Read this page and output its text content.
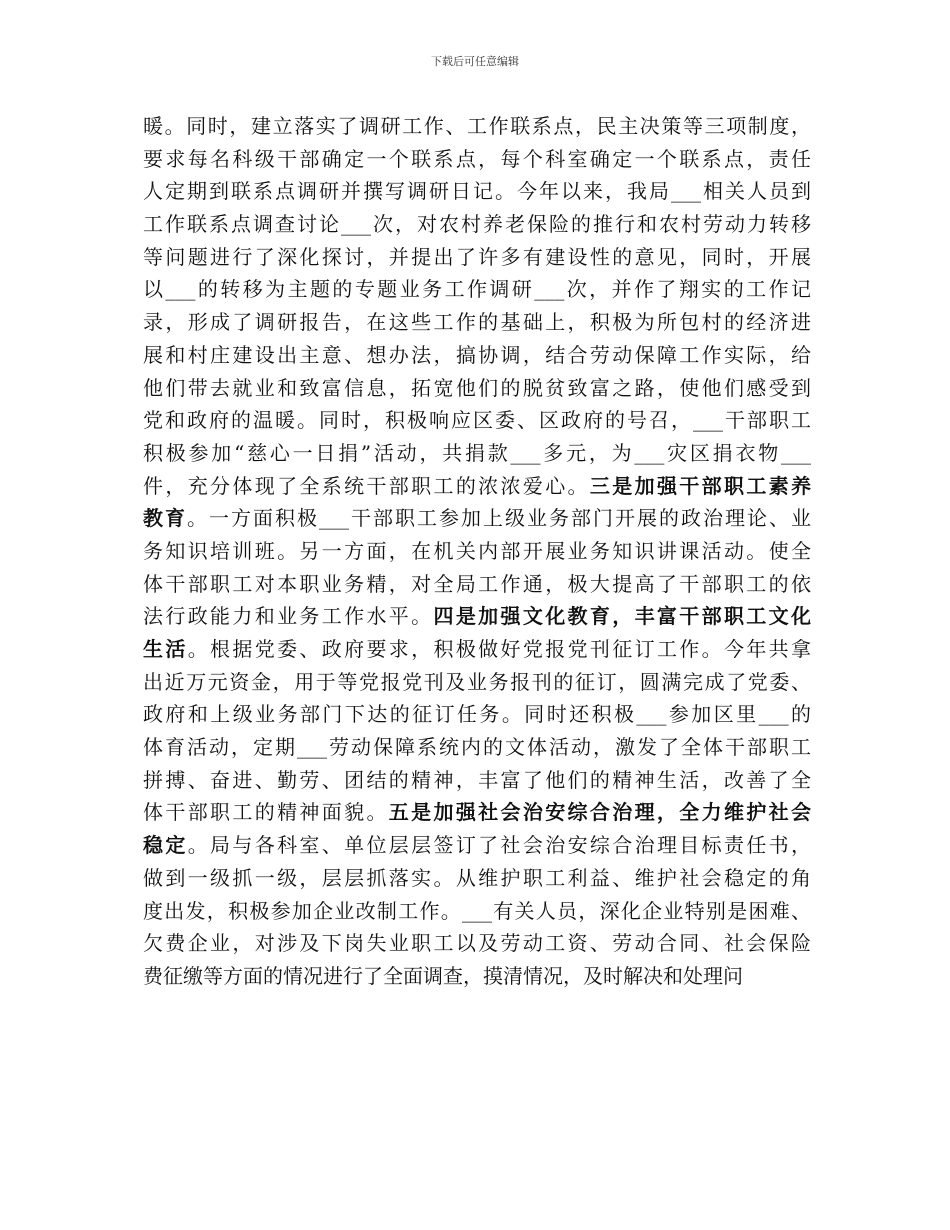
下载后可任意编辑
暖。同时，建立落实了调研工作、工作联系点，民主决策等三项制度，
要求每名科级干部确定一个联系点，每个科室确定一个联系点，责任
人定期到联系点调研并撰写调研日记。今年以来，我局___相关人员到
工作联系点调查讨论___次，对农村养老保险的推行和农村劳动力转移
等问题进行了深化探讨，并提出了许多有建设性的意见，同时，开展
以___的转移为主题的专题业务工作调研___次，并作了翔实的工作记
录，形成了调研报告，在这些工作的基础上，积极为所包村的经济进
展和村庄建设出主意、想办法，搞协调，结合劳动保障工作实际，给
他们带去就业和致富信息，拓宽他们的脱贫致富之路，使他们感受到
党和政府的温暖。同时，积极响应区委、区政府的号召，___干部职工
积极参加“慈心一日捐”活动，共捐款___多元，为___灾区捐衣物___
件，充分体现了全系统干部职工的浓浓爱心。三是加强干部职工素养
教育。一方面积极___干部职工参加上级业务部门开展的政治理论、业
务知识培训班。另一方面，在机关内部开展业务知识讲课活动。使全
体干部职工对本职业务精，对全局工作通，极大提高了干部职工的依
法行政能力和业务工作水平。四是加强文化教育，丰富干部职工文化
生活。根据党委、政府要求，积极做好党报党刊征订工作。今年共拿
出近万元资金，用于等党报党刊及业务报刊的征订，圆满完成了党委、
政府和上级业务部门下达的征订任务。同时还积极___参加区里___的
体育活动，定期___劳动保障系统内的文体活动，激发了全体干部职工
拼搏、奋进、勤劳、团结的精神，丰富了他们的精神生活，改善了全
体干部职工的精神面貌。五是加强社会治安综合治理，全力维护社会
稳定。局与各科室、单位层层签订了社会治安综合治理目标责任书，
做到一级抓一级，层层抓落实。从维护职工利益、维护社会稳定的角
度出发，积极参加企业改制工作。___有关人员，深化企业特别是困难、
欠费企业，对涉及下岗失业职工以及劳动工资、劳动合同、社会保险
费征缴等方面的情况进行了全面调查，摸清情况，及时解决和处理问
